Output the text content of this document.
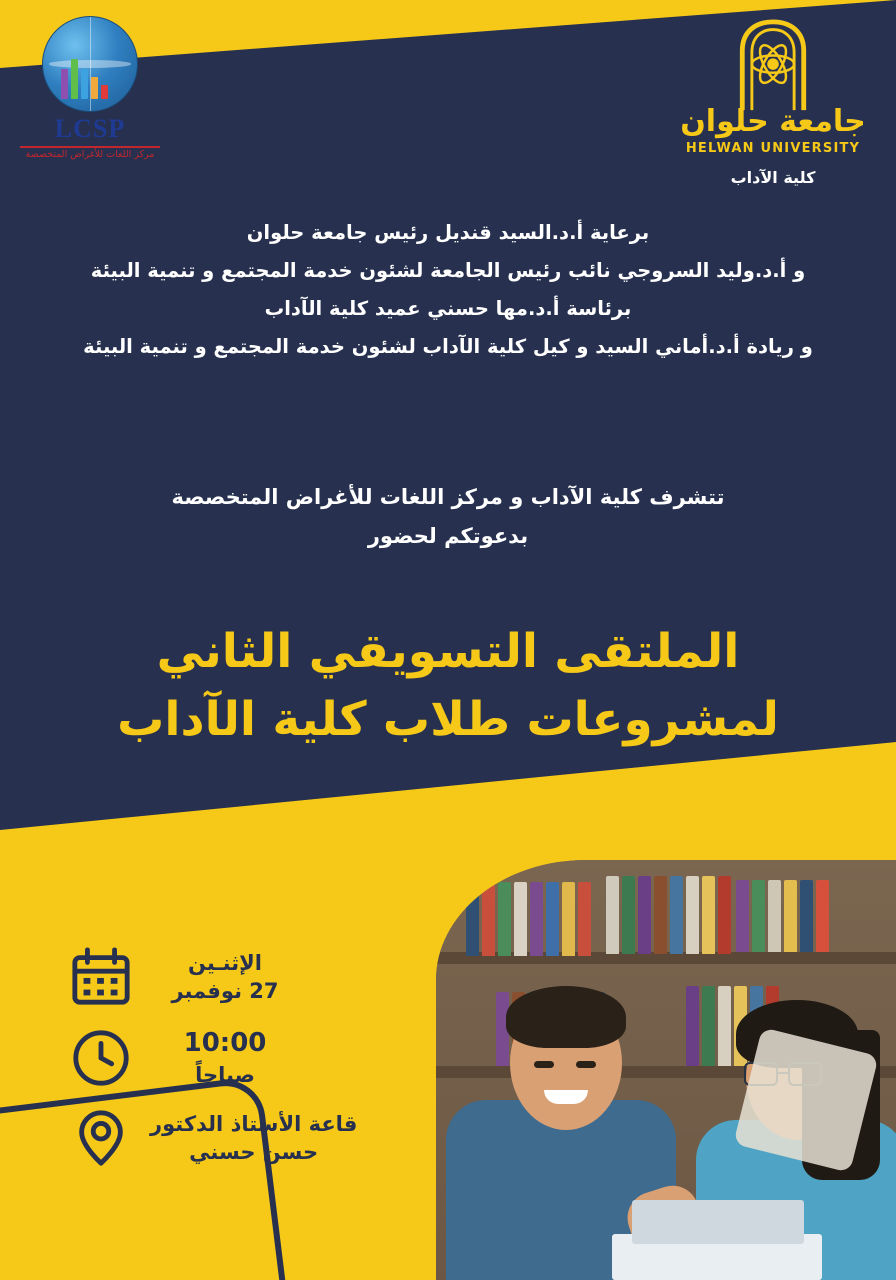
LCSP
مركز اللغات للأغراض المتخصصة
جامعة حلوان
HELWAN UNIVERSITY
كلية الآداب

برعاية أ.د.السيد قنديل رئيس جامعة حلوان

و أ.د.وليد السروجي نائب رئيس الجامعة لشئون خدمة المجتمع و تنمية البيئة

برئاسة أ.د.مها حسني عميد كلية الآداب

و ريادة أ.د.أماني السيد و كيل كلية الآداب لشئون خدمة المجتمع و تنمية البيئة

تتشرف كلية الآداب و مركز اللغات للأغراض المتخصصة

بدعوتكم لحضور

الملتقى التسويقي الثاني
لمشروعات طلاب كلية الآداب
الإثنـين
27 نوفمبر
10:00
صباحاً
قاعة الأستاذ الدكتور
حسن حسني
